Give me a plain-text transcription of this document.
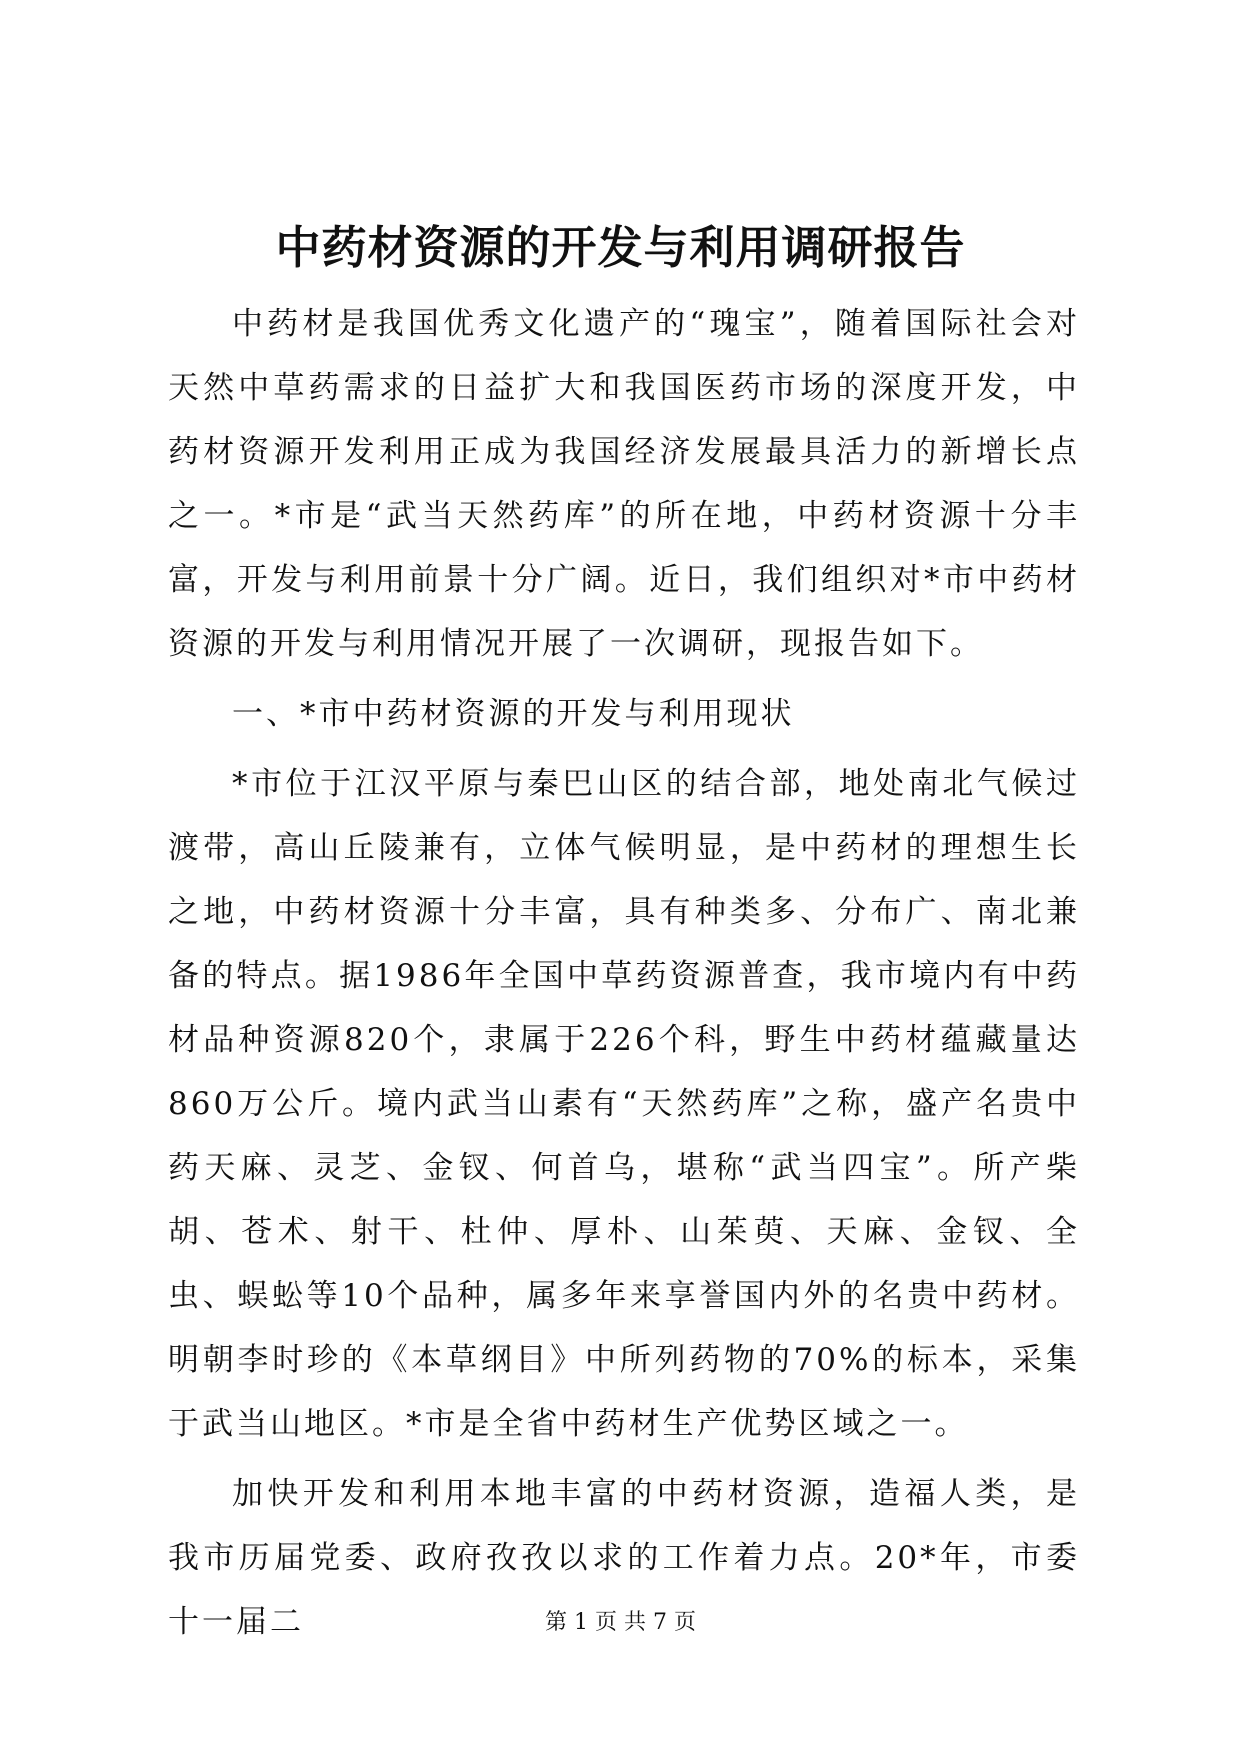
中药材资源的开发与利用调研报告

中药材是我国优秀文化遗产的“瑰宝”，随着国际社会对天然中草药需求的日益扩大和我国医药市场的深度开发，中药材资源开发利用正成为我国经济发展最具活力的新增长点之一。*市是“武当天然药库”的所在地，中药材资源十分丰富，开发与利用前景十分广阔。近日，我们组织对*市中药材资源的开发与利用情况开展了一次调研，现报告如下。

一、*市中药材资源的开发与利用现状

*市位于江汉平原与秦巴山区的结合部，地处南北气候过渡带，高山丘陵兼有，立体气候明显，是中药材的理想生长之地，中药材资源十分丰富，具有种类多、分布广、南北兼备的特点。据1986年全国中草药资源普查，我市境内有中药材品种资源820个，隶属于226个科，野生中药材蕴藏量达860万公斤。境内武当山素有“天然药库”之称，盛产名贵中药天麻、灵芝、金钗、何首乌，堪称“武当四宝”。所产柴胡、苍术、射干、杜仲、厚朴、山茱萸、天麻、金钗、全虫、蜈蚣等10个品种，属多年来享誉国内外的名贵中药材。明朝李时珍的《本草纲目》中所列药物的70%的标本，采集于武当山地区。*市是全省中药材生产优势区域之一。

加快开发和利用本地丰富的中药材资源，造福人类，是我市历届党委、政府孜孜以求的工作着力点。20*年，市委十一届二	第 1 页 共 7 页
